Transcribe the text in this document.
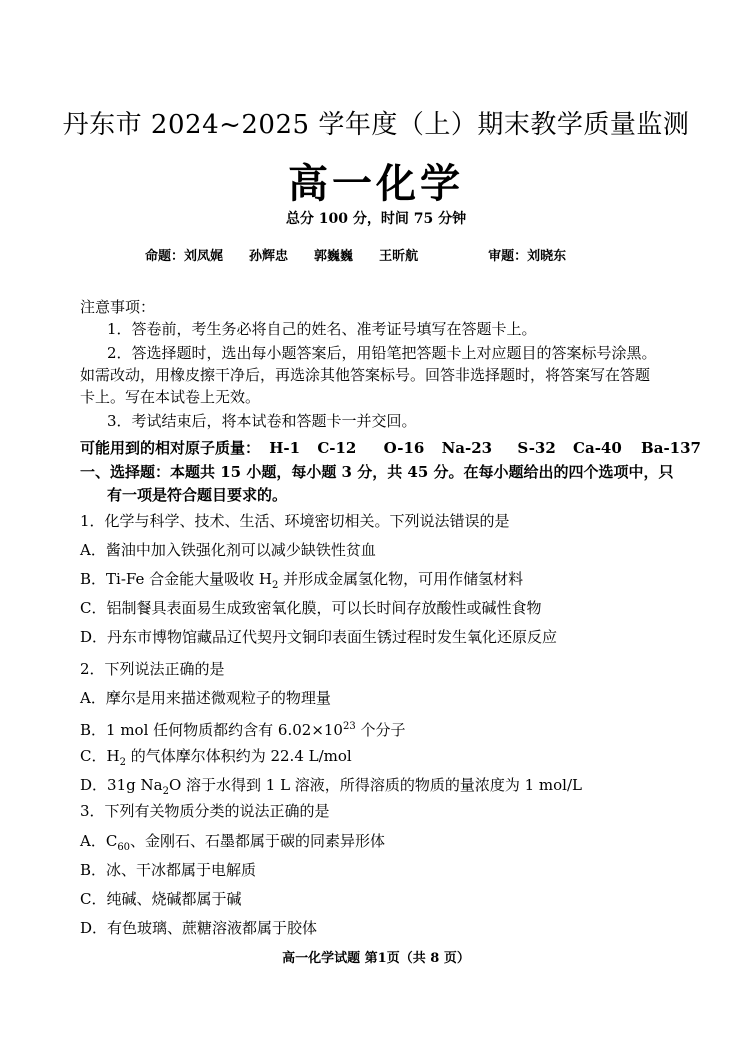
丹东市 2024~2025 学年度（上）期末教学质量监测
高一化学
总分 100 分，时间 75 分钟
命题：刘凤娓 孙辉忠 郭巍巍 王昕航	审题：刘晓东
注意事项：
1．答卷前，考生务必将自己的姓名、准考证号填写在答题卡上。
2．答选择题时，选出每小题答案后，用铅笔把答题卡上对应题目的答案标号涂黑。
如需改动，用橡皮擦干净后，再选涂其他答案标号。回答非选择题时，将答案写在答题
卡上。写在本试卷上无效。
3．考试结束后，将本试卷和答题卡一并交回。
可能用到的相对原子质量： H-1 C-12 O-16 Na-23 S-32 Ca-40 Ba-137
一、选择题：本题共 15 小题，每小题 3 分，共 45 分。在每小题给出的四个选项中，只
有一项是符合题目要求的。
1．化学与科学、技术、生活、环境密切相关。下列说法错误的是
A．酱油中加入铁强化剂可以减少缺铁性贫血
B．Ti-Fe 合金能大量吸收 $H_2$ 并形成金属氢化物，可用作储氢材料
C．铝制餐具表面易生成致密氧化膜，可以长时间存放酸性或碱性食物
D．丹东市博物馆藏品辽代契丹文铜印表面生锈过程时发生氧化还原反应
2．下列说法正确的是
A．摩尔是用来描述微观粒子的物理量
B．1 mol 任何物质都约含有 $6.02\times 10^{23}$ 个分子
C．$H_2$ 的气体摩尔体积约为 22.4 L/mol
D．31g $Na_2O$ 溶于水得到 1 L 溶液，所得溶质的物质的量浓度为 1 mol/L
3．下列有关物质分类的说法正确的是
A．$C_{60}$、金刚石、石墨都属于碳的同素异形体
B．冰、干冰都属于电解质
C．纯碱、烧碱都属于碱
D．有色玻璃、蔗糖溶液都属于胶体
高一化学试题 第1页（共 8 页）
